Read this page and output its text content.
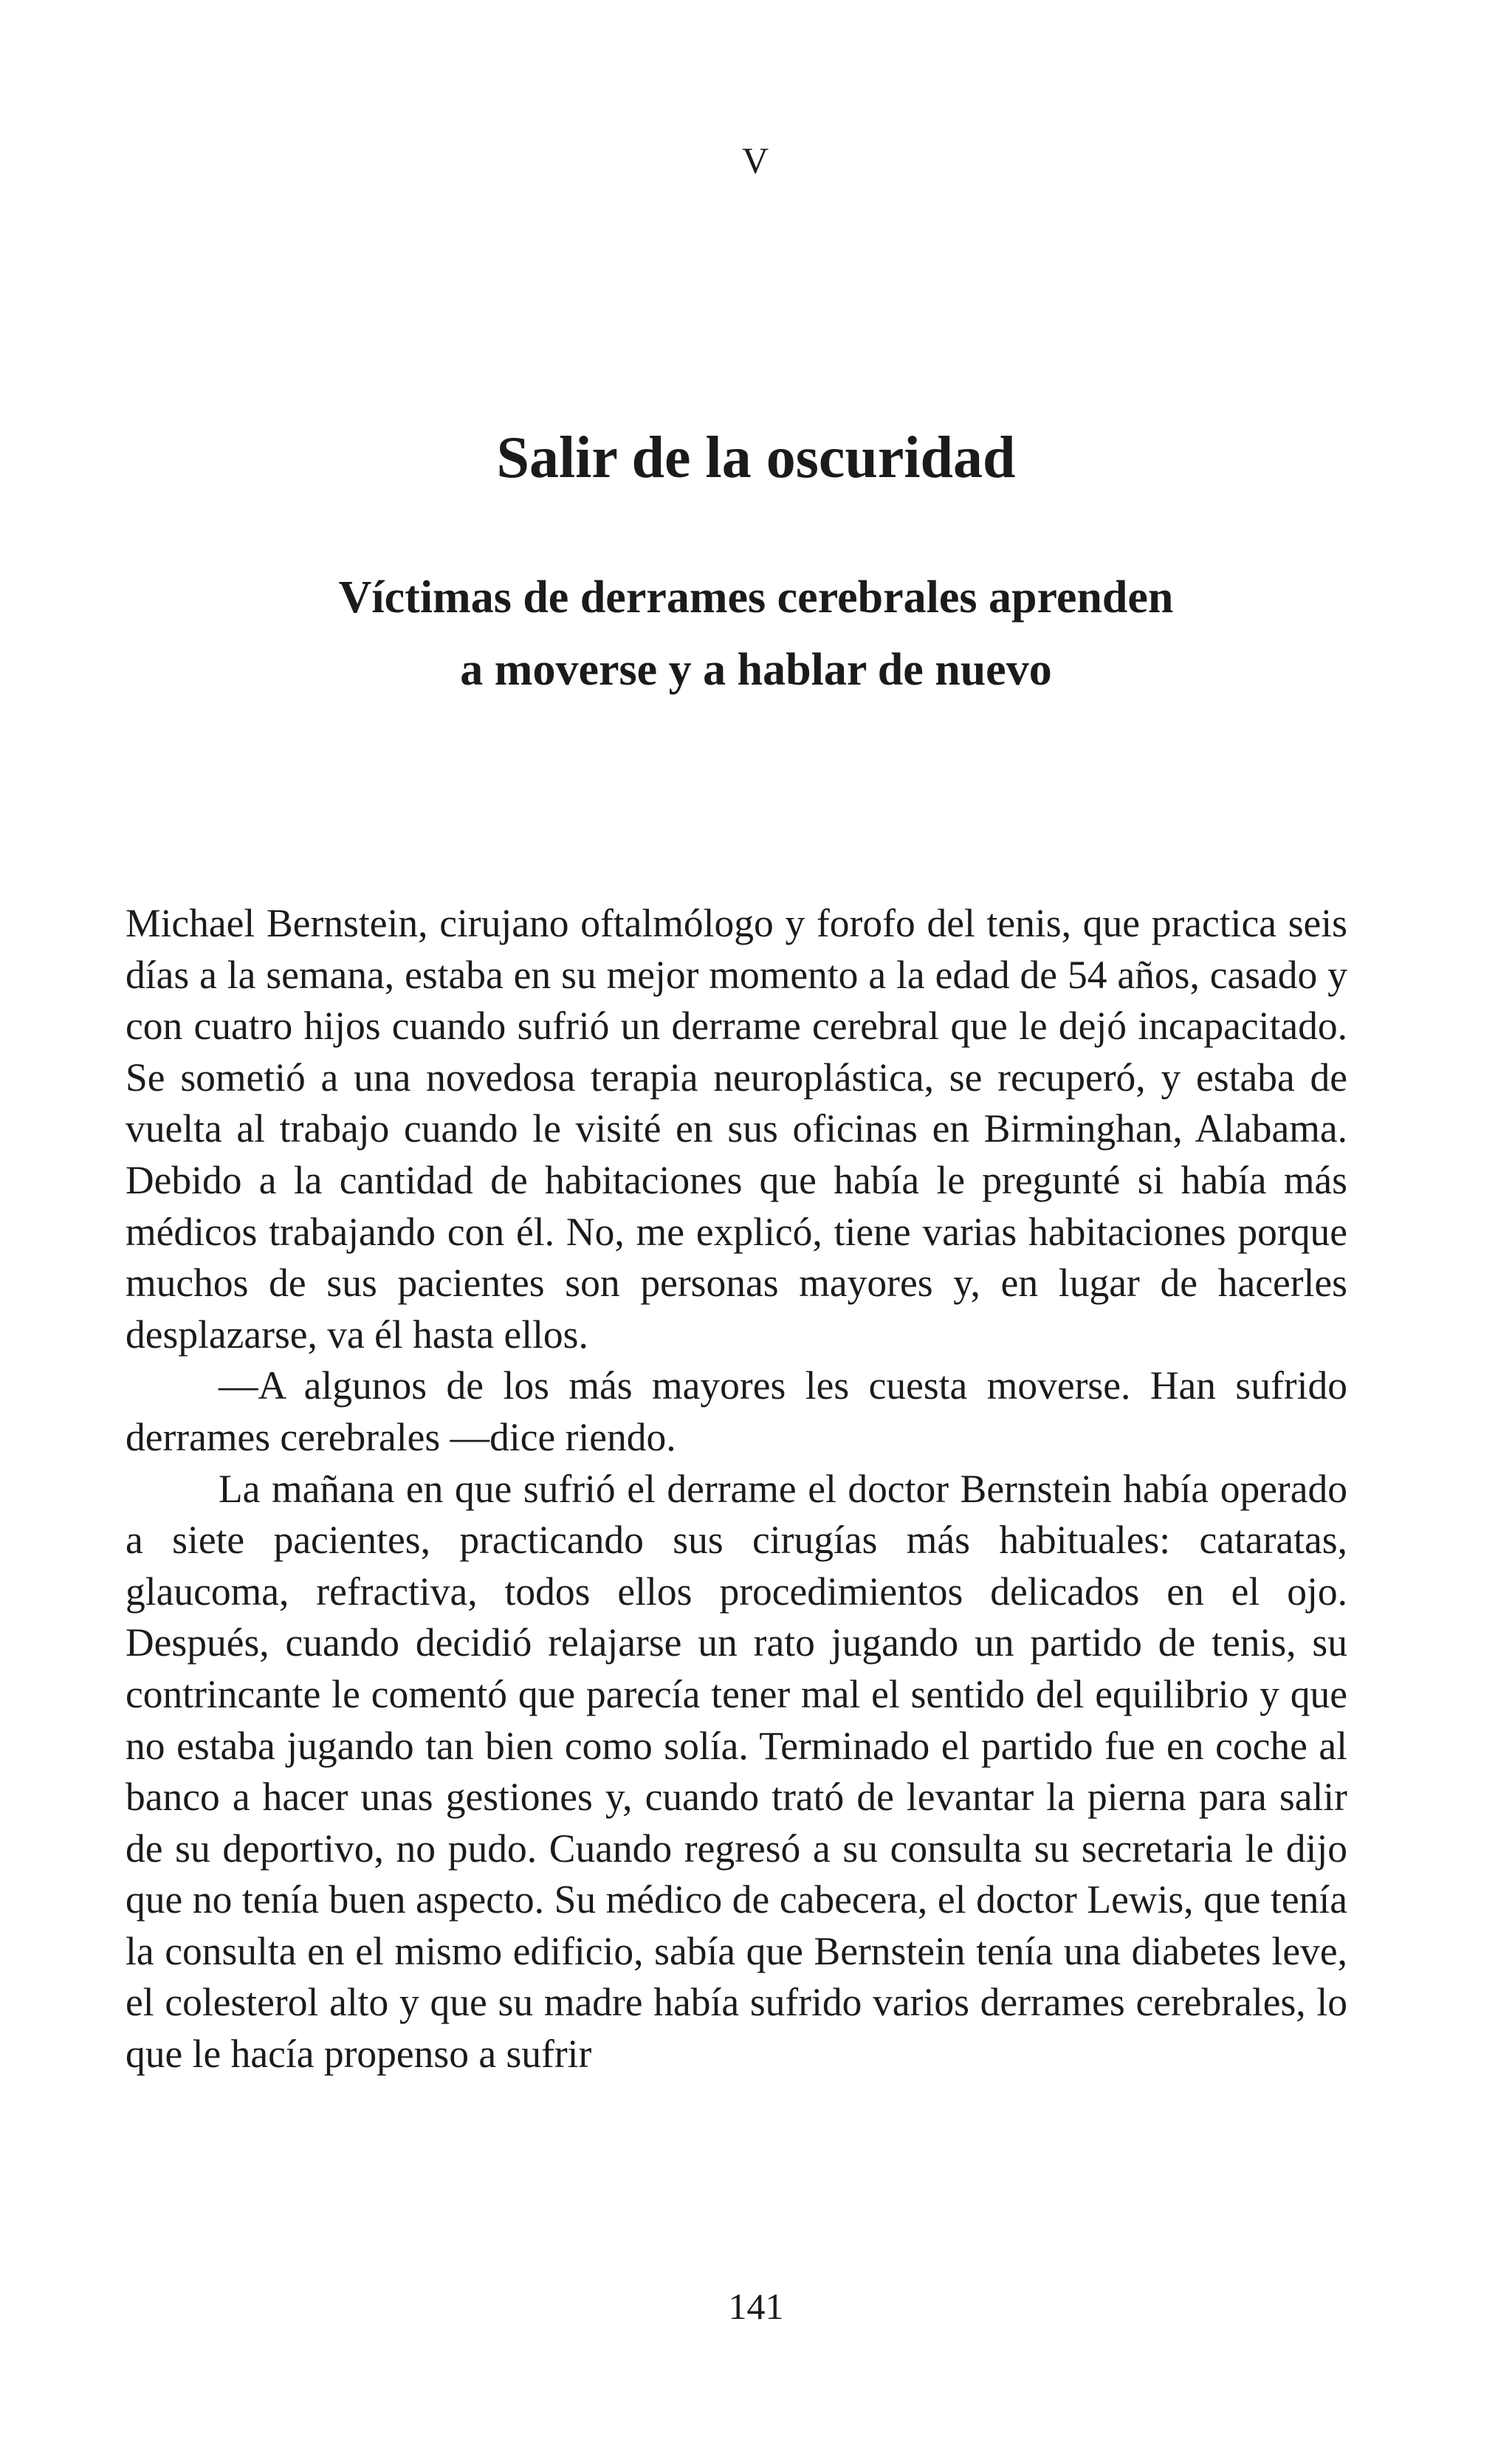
V
Salir de la oscuridad
Víctimas de derrames cerebrales aprenden
a moverse y a hablar de nuevo

Michael Bernstein, cirujano oftalmólogo y forofo del tenis, que practica seis días a la semana, estaba en su mejor momento a la edad de 54 años, casado y con cuatro hijos cuando sufrió un derrame cerebral que le dejó incapacitado. Se sometió a una novedosa terapia neuroplástica, se recuperó, y estaba de vuelta al trabajo cuando le visité en sus oficinas en Birminghan, Alabama. Debido a la cantidad de habitaciones que había le pregunté si había más médicos trabajando con él. No, me explicó, tiene varias habitaciones porque muchos de sus pacientes son personas mayores y, en lugar de hacerles desplazarse, va él hasta ellos.

—A algunos de los más mayores les cuesta moverse. Han sufrido derrames cerebrales —dice riendo.

La mañana en que sufrió el derrame el doctor Bernstein había operado a siete pacientes, practicando sus cirugías más habituales: cataratas, glaucoma, refractiva, todos ellos procedimientos delicados en el ojo. Después, cuando decidió relajarse un rato jugando un partido de tenis, su contrincante le comentó que parecía tener mal el sentido del equilibrio y que no estaba jugando tan bien como solía. Terminado el partido fue en coche al banco a hacer unas gestiones y, cuando trató de levantar la pierna para salir de su deportivo, no pudo. Cuando regresó a su consulta su secretaria le dijo que no tenía buen aspecto. Su médico de cabecera, el doctor Lewis, que tenía la consulta en el mismo edificio, sabía que Bernstein tenía una diabetes leve, el colesterol alto y que su madre había sufrido varios derrames cerebrales, lo que le hacía propenso a sufrir

141
